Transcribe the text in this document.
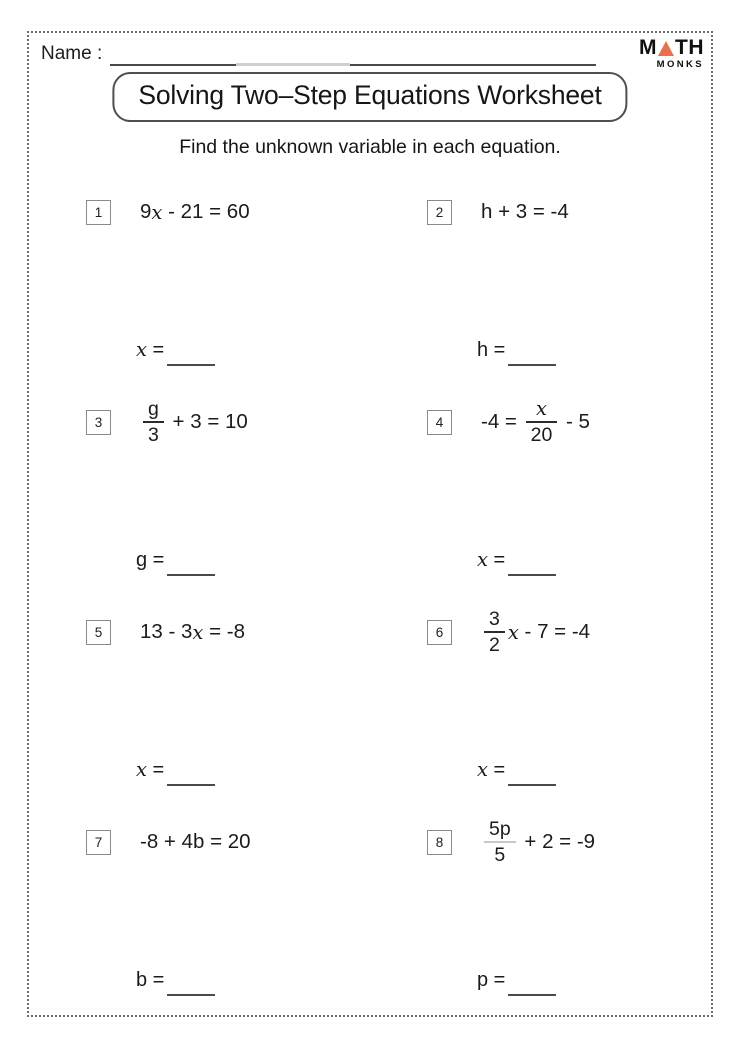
Name :	M TH
MONKS
Solving Two–Step Equations Worksheet
Find the unknown variable in each equation.
1	9 x - 21 = 60
x =
2	h + 3 = -4
h =
3	$\frac{g}{3} + 3 = 10$
g =
4	$-4 = \frac{x}{20} - 5$
x =
5	13 - 3 x = -8
x =
6	$\frac{3}{2}$ x - 7 = -4
x =
7	-8 + 4b = 20
b =
8	$\frac{5p}{5} + 2 = -9$
p =
